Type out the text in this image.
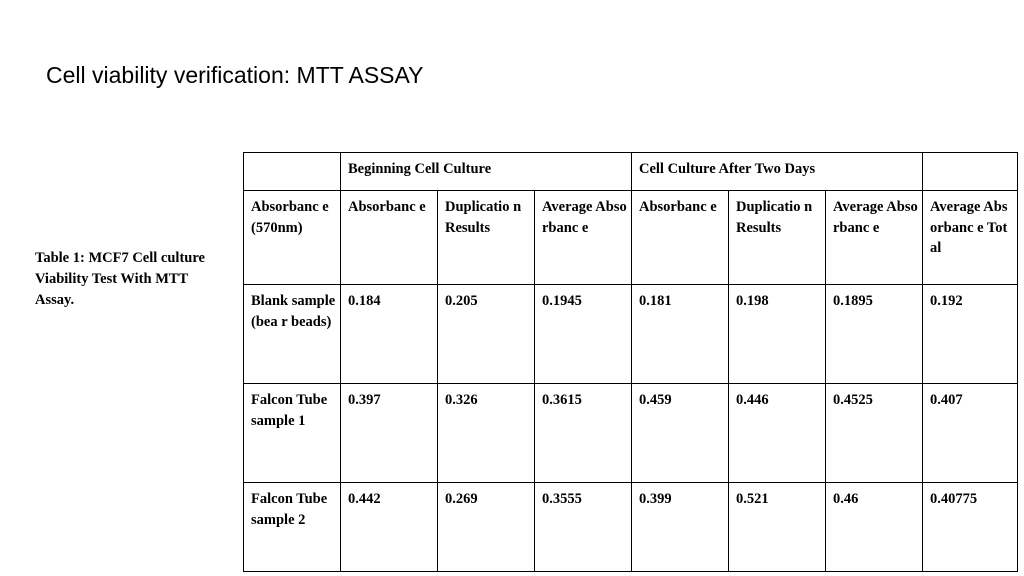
Cell viability verification: MTT ASSAY
Table 1: MCF7 Cell culture
Viability Test With MTT
Assay.
	Beginning Cell Culture			Cell Culture After Two Days			
Absorbanc e(570nm)	Absorbanc e	Duplicatio n Results	Average Absorbanc e	Absorbanc e	Duplicatio n Results	Average Absorbanc e	Average Absorbanc e Total
Blank sample(bea r beads)	0.184	0.205	0.1945	0.181	0.198	0.1895	0.192
Falcon Tube sample 1	0.397	0.326	0.3615	0.459	0.446	0.4525	0.407
Falcon Tube sample 2	0.442	0.269	0.3555	0.399	0.521	0.46	0.40775
